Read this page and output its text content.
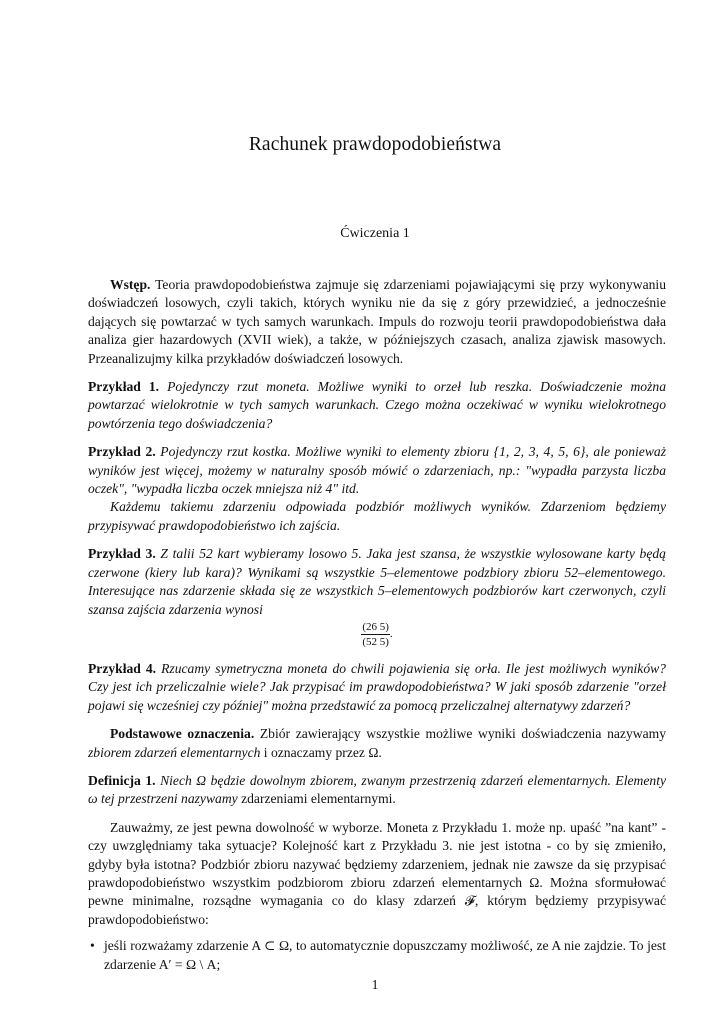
Rachunek prawdopodobieństwa
Ćwiczenia 1

Wstęp. Teoria prawdopodobieństwa zajmuje się zdarzeniami pojawiającymi się przy wykonywaniu doświadczeń losowych, czyli takich, których wyniku nie da się z góry przewidzieć, a jednocześnie dających się powtarzać w tych samych warunkach. Impuls do rozwoju teorii prawdopodobieństwa dała analiza gier hazardowych (XVII wiek), a także, w późniejszych czasach, analiza zjawisk masowych. Przeanalizujmy kilka przykładów doświadczeń losowych.

Przykład 1. Pojedynczy rzut moneta. Możliwe wyniki to orzeł lub reszka. Doświadczenie można powtarzać wielokrotnie w tych samych warunkach. Czego można oczekiwać w wyniku wielokrotnego powtórzenia tego doświadczenia?

Przykład 2. Pojedynczy rzut kostka. Możliwe wyniki to elementy zbioru {1, 2, 3, 4, 5, 6}, ale ponieważ wyników jest więcej, możemy w naturalny sposób mówić o zdarzeniach, np.: "wypadła parzysta liczba oczek", "wypadła liczba oczek mniejsza niż 4" itd.

Każdemu takiemu zdarzeniu odpowiada podzbiór możliwych wyników. Zdarzeniom będziemy przypisywać prawdopodobieństwo ich zajścia.

Przykład 3. Z talii 52 kart wybieramy losowo 5. Jaka jest szansa, że wszystkie wylosowane karty będą czerwone (kiery lub kara)? Wynikami są wszystkie 5–elementowe podzbiory zbioru 52–elementowego. Interesujące nas zdarzenie składa się ze wszystkich 5–elementowych podzbiorów kart czerwonych, czyli szansa zajścia zdarzenia wynosi

$\frac{(26 5)}{(52 5)}$ .

Przykład 4. Rzucamy symetryczna moneta do chwili pojawienia się orła. Ile jest możliwych wyników? Czy jest ich przeliczalnie wiele? Jak przypisać im prawdopodobieństwa? W jaki sposób zdarzenie "orzeł pojawi się wcześniej czy później" można przedstawić za pomocą przeliczalnej alternatywy zdarzeń?

Podstawowe oznaczenia. Zbiór zawierający wszystkie możliwe wyniki doświadczenia nazywamy zbiorem zdarzeń elementarnych i oznaczamy przez Ω.

Definicja 1. Niech Ω będzie dowolnym zbiorem, zwanym przestrzenią zdarzeń elementarnych. Elementy ω tej przestrzeni nazywamy zdarzeniami elementarnymi.

Zauważmy, ze jest pewna dowolność w wyborze. Moneta z Przykładu 1. może np. upaść ”na kant” - czy uwzględniamy taka sytuacje? Kolejność kart z Przykładu 3. nie jest istotna - co by się zmieniło, gdyby była istotna? Podzbiór zbioru nazywać będziemy zdarzeniem, jednak nie zawsze da się przypisać prawdopodobieństwo wszystkim podzbiorom zbioru zdarzeń elementarnych Ω. Można sformułować pewne minimalne, rozsądne wymagania co do klasy zdarzeń 𝓕, którym będziemy przypisywać prawdopodobieństwo:

• jeśli rozważamy zdarzenie A ⊂ Ω, to automatycznie dopuszczamy możliwość, ze A nie zajdzie. To jest zdarzenie A′ = Ω \ A;
1
